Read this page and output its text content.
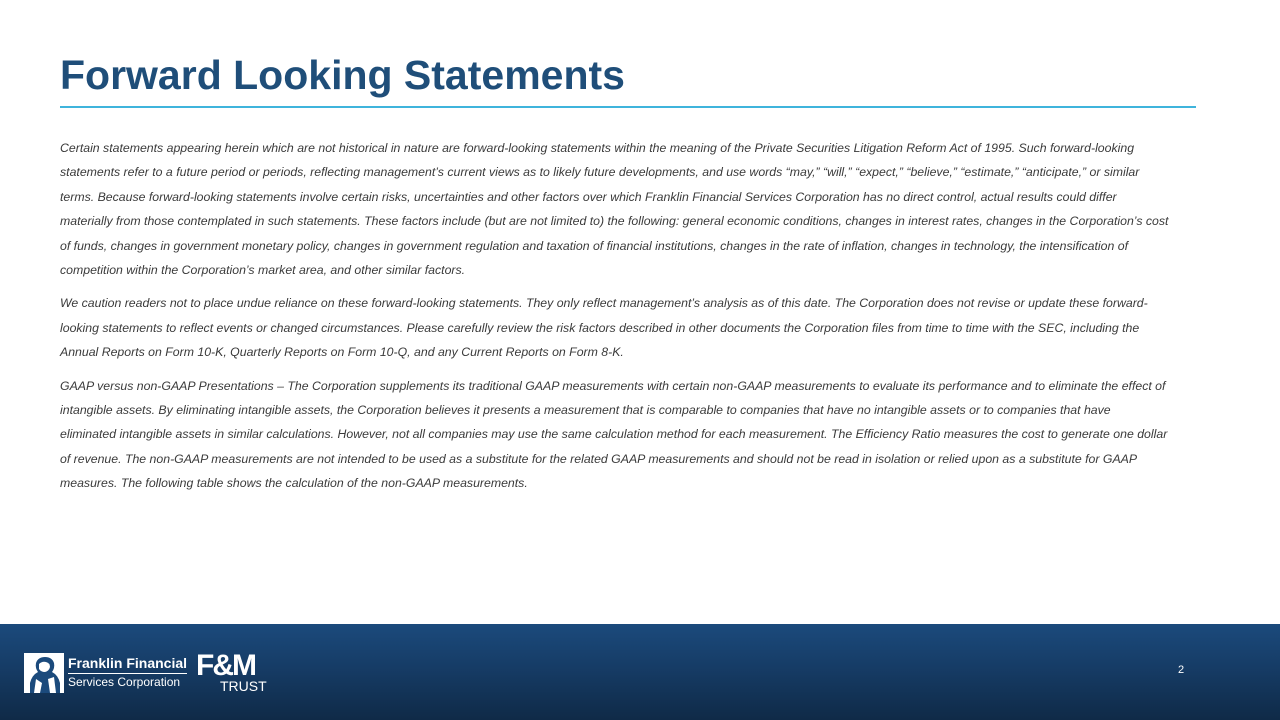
Forward Looking Statements

Certain statements appearing herein which are not historical in nature are forward-looking statements within the meaning of the Private Securities Litigation Reform Act of 1995. Such forward-looking statements refer to a future period or periods, reflecting management’s current views as to likely future developments, and use words “may,” “will,” “expect,” “believe,” “estimate,” “anticipate,” or similar terms. Because forward-looking statements involve certain risks, uncertainties and other factors over which Franklin Financial Services Corporation has no direct control, actual results could differ materially from those contemplated in such statements. These factors include (but are not limited to) the following: general economic conditions, changes in interest rates, changes in the Corporation’s cost of funds, changes in government monetary policy, changes in government regulation and taxation of financial institutions, changes in the rate of inflation, changes in technology, the intensification of competition within the Corporation’s market area, and other similar factors.

We caution readers not to place undue reliance on these forward-looking statements. They only reflect management’s analysis as of this date. The Corporation does not revise or update these forward-looking statements to reflect events or changed circumstances. Please carefully review the risk factors described in other documents the Corporation files from time to time with the SEC, including the Annual Reports on Form 10-K, Quarterly Reports on Form 10-Q, and any Current Reports on Form 8-K.

GAAP versus non-GAAP Presentations – The Corporation supplements its traditional GAAP measurements with certain non-GAAP measurements to evaluate its performance and to eliminate the effect of intangible assets. By eliminating intangible assets, the Corporation believes it presents a measurement that is comparable to companies that have no intangible assets or to companies that have eliminated intangible assets in similar calculations. However, not all companies may use the same calculation method for each measurement. The Efficiency Ratio measures the cost to generate one dollar of revenue. The non-GAAP measurements are not intended to be used as a substitute for the related GAAP measurements and should not be read in isolation or relied upon as a substitute for GAAP measures. The following table shows the calculation of the non-GAAP measurements.

Franklin Financial
Services Corporation F&M
TRUST
2
